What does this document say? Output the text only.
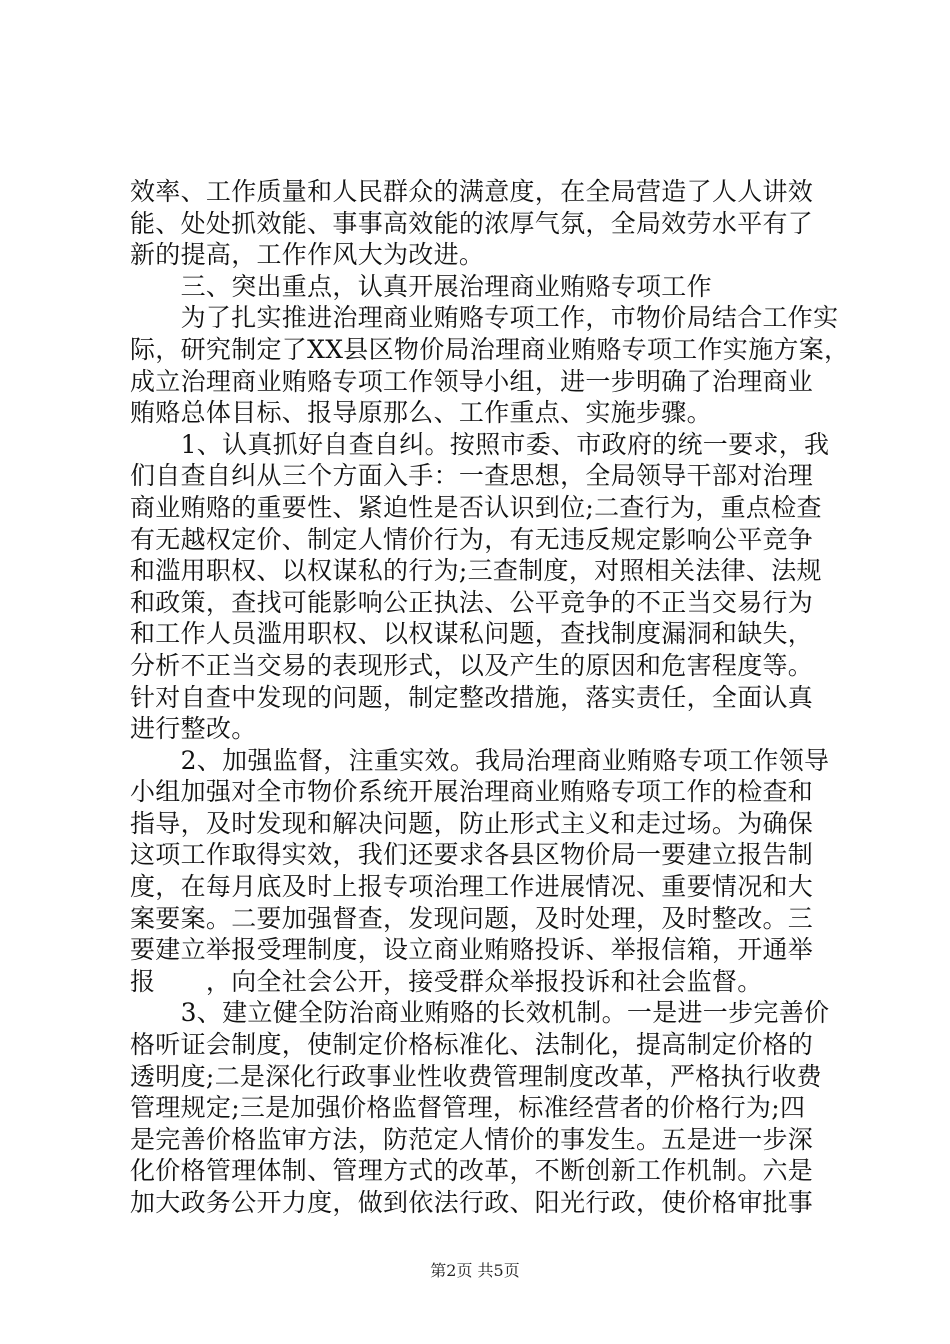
效率、工作质量和人民群众的满意度，在全局营造了人人讲效
能、处处抓效能、事事高效能的浓厚气氛，全局效劳水平有了
新的提高，工作作风大为改进。
　　三、突出重点，认真开展治理商业贿赂专项工作
　　为了扎实推进治理商业贿赂专项工作，市物价局结合工作实
际，研究制定了XX县区物价局治理商业贿赂专项工作实施方案，
成立治理商业贿赂专项工作领导小组，进一步明确了治理商业
贿赂总体目标、报导原那么、工作重点、实施步骤。
　　1、认真抓好自查自纠。按照市委、市政府的统一要求，我
们自查自纠从三个方面入手：一查思想，全局领导干部对治理
商业贿赂的重要性、紧迫性是否认识到位;二查行为，重点检查
有无越权定价、制定人情价行为，有无违反规定影响公平竞争
和滥用职权、以权谋私的行为;三查制度，对照相关法律、法规
和政策，查找可能影响公正执法、公平竞争的不正当交易行为
和工作人员滥用职权、以权谋私问题，查找制度漏洞和缺失，
分析不正当交易的表现形式，以及产生的原因和危害程度等。
针对自查中发现的问题，制定整改措施，落实责任，全面认真
进行整改。
　　2、加强监督，注重实效。我局治理商业贿赂专项工作领导
小组加强对全市物价系统开展治理商业贿赂专项工作的检查和
指导，及时发现和解决问题，防止形式主义和走过场。为确保
这项工作取得实效，我们还要求各县区物价局一要建立报告制
度，在每月底及时上报专项治理工作进展情况、重要情况和大
案要案。二要加强督查，发现问题，及时处理，及时整改。三
要建立举报受理制度，设立商业贿赂投诉、举报信箱，开通举
报　　，向全社会公开，接受群众举报投诉和社会监督。
　　3、建立健全防治商业贿赂的长效机制。一是进一步完善价
格听证会制度，使制定价格标准化、法制化，提高制定价格的
透明度;二是深化行政事业性收费管理制度改革，严格执行收费
管理规定;三是加强价格监督管理，标准经营者的价格行为;四
是完善价格监审方法，防范定人情价的事发生。五是进一步深
化价格管理体制、管理方式的改革，不断创新工作机制。六是
加大政务公开力度，做到依法行政、阳光行政，使价格审批事
第2页 共5页
